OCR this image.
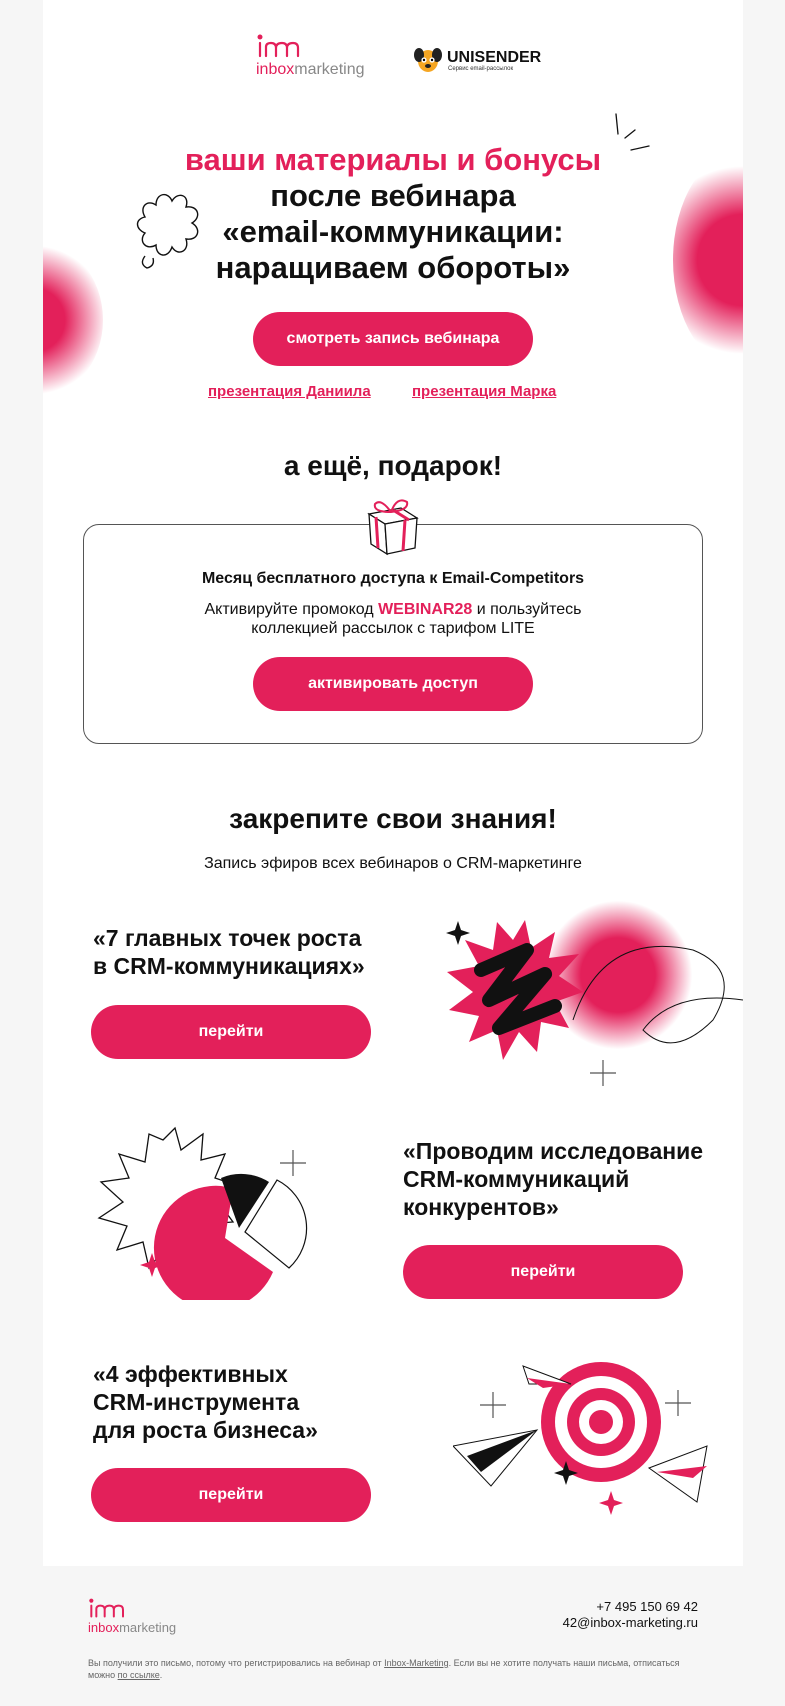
inboxmarketing
UNISENDER
Сервис email-рассылок
ваши материалы и бонусы
после вебинара
«email-коммуникации:
наращиваем обороты»
смотреть запись вебинара
презентация Даниила	презентация Марка
а ещё, подарок!
Месяц бесплатного доступа к Email-Competitors
Активируйте промокод WEBINAR28 и пользуйтесь коллекцией рассылок с тарифом LITE
активировать доступ
закрепите свои знания!
Запись эфиров всех вебинаров о CRM-маркетинге
«7 главных точек роста
в CRM-коммуникациях»
перейти
«Проводим исследование
CRM-коммуникаций
конкурентов»
перейти
«4 эффективных
CRM-инструмента
для роста бизнеса»
перейти
inboxmarketing
+7 495 150 69 42
42@inbox-marketing.ru
Вы получили это письмо, потому что регистрировались на вебинар от Inbox-Marketing. Если вы не хотите получать наши письма, отписаться можно по ссылке.
